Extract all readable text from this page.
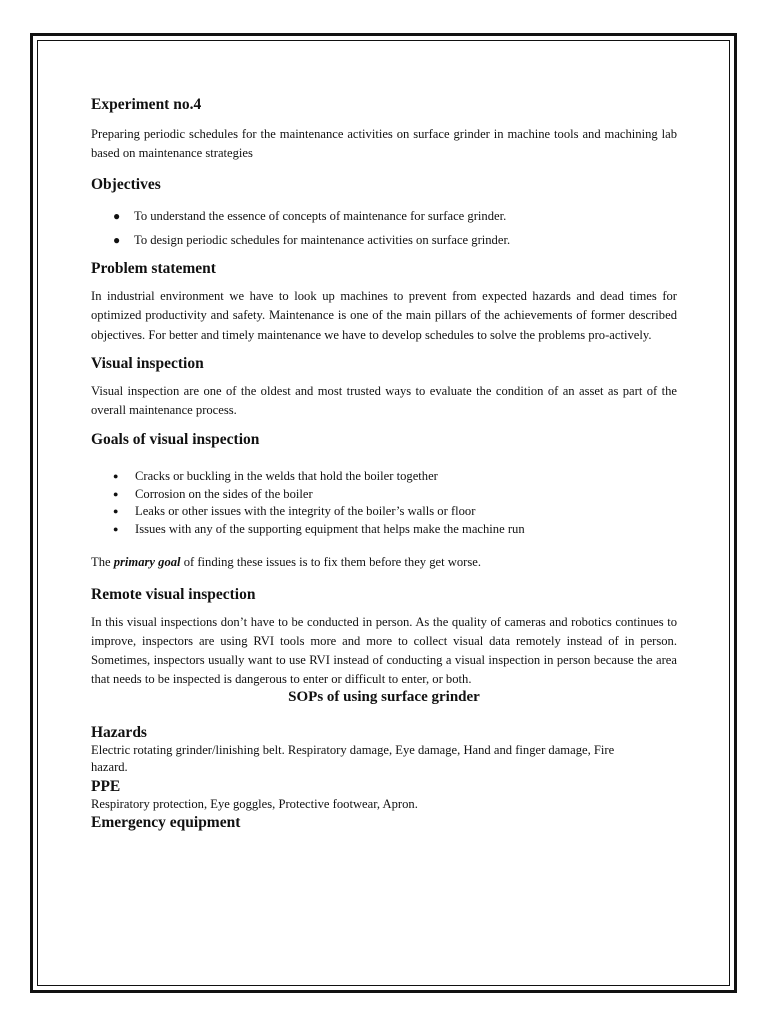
Experiment no.4

Preparing periodic schedules for the maintenance activities on surface grinder in machine tools and machining lab based on maintenance strategies

Objectives
● To understand the essence of concepts of maintenance for surface grinder.
● To design periodic schedules for maintenance activities on surface grinder.
Problem statement

In industrial environment we have to look up machines to prevent from expected hazards and dead times for optimized productivity and safety. Maintenance is one of the main pillars of the achievements of former described objectives. For better and timely maintenance we have to develop schedules to solve the problems pro-actively.

Visual inspection

Visual inspection are one of the oldest and most trusted ways to evaluate the condition of an asset as part of the overall maintenance process.

Goals of visual inspection
● Cracks or buckling in the welds that hold the boiler together
● Corrosion on the sides of the boiler
● Leaks or other issues with the integrity of the boiler’s walls or floor
● Issues with any of the supporting equipment that helps make the machine run

The primary goal of finding these issues is to fix them before they get worse.

Remote visual inspection

In this visual inspections don’t have to be conducted in person. As the quality of cameras and robotics continues to improve, inspectors are using RVI tools more and more to collect visual data remotely instead of in person. Sometimes, inspectors usually want to use RVI instead of conducting a visual inspection in person because the area that needs to be inspected is dangerous to enter or difficult to enter, or both.

SOPs of using surface grinder
Hazards

Electric rotating grinder/linishing belt. Respiratory damage, Eye damage, Hand and finger damage, Fire hazard.

PPE

Respiratory protection, Eye goggles, Protective footwear, Apron.

Emergency equipment
